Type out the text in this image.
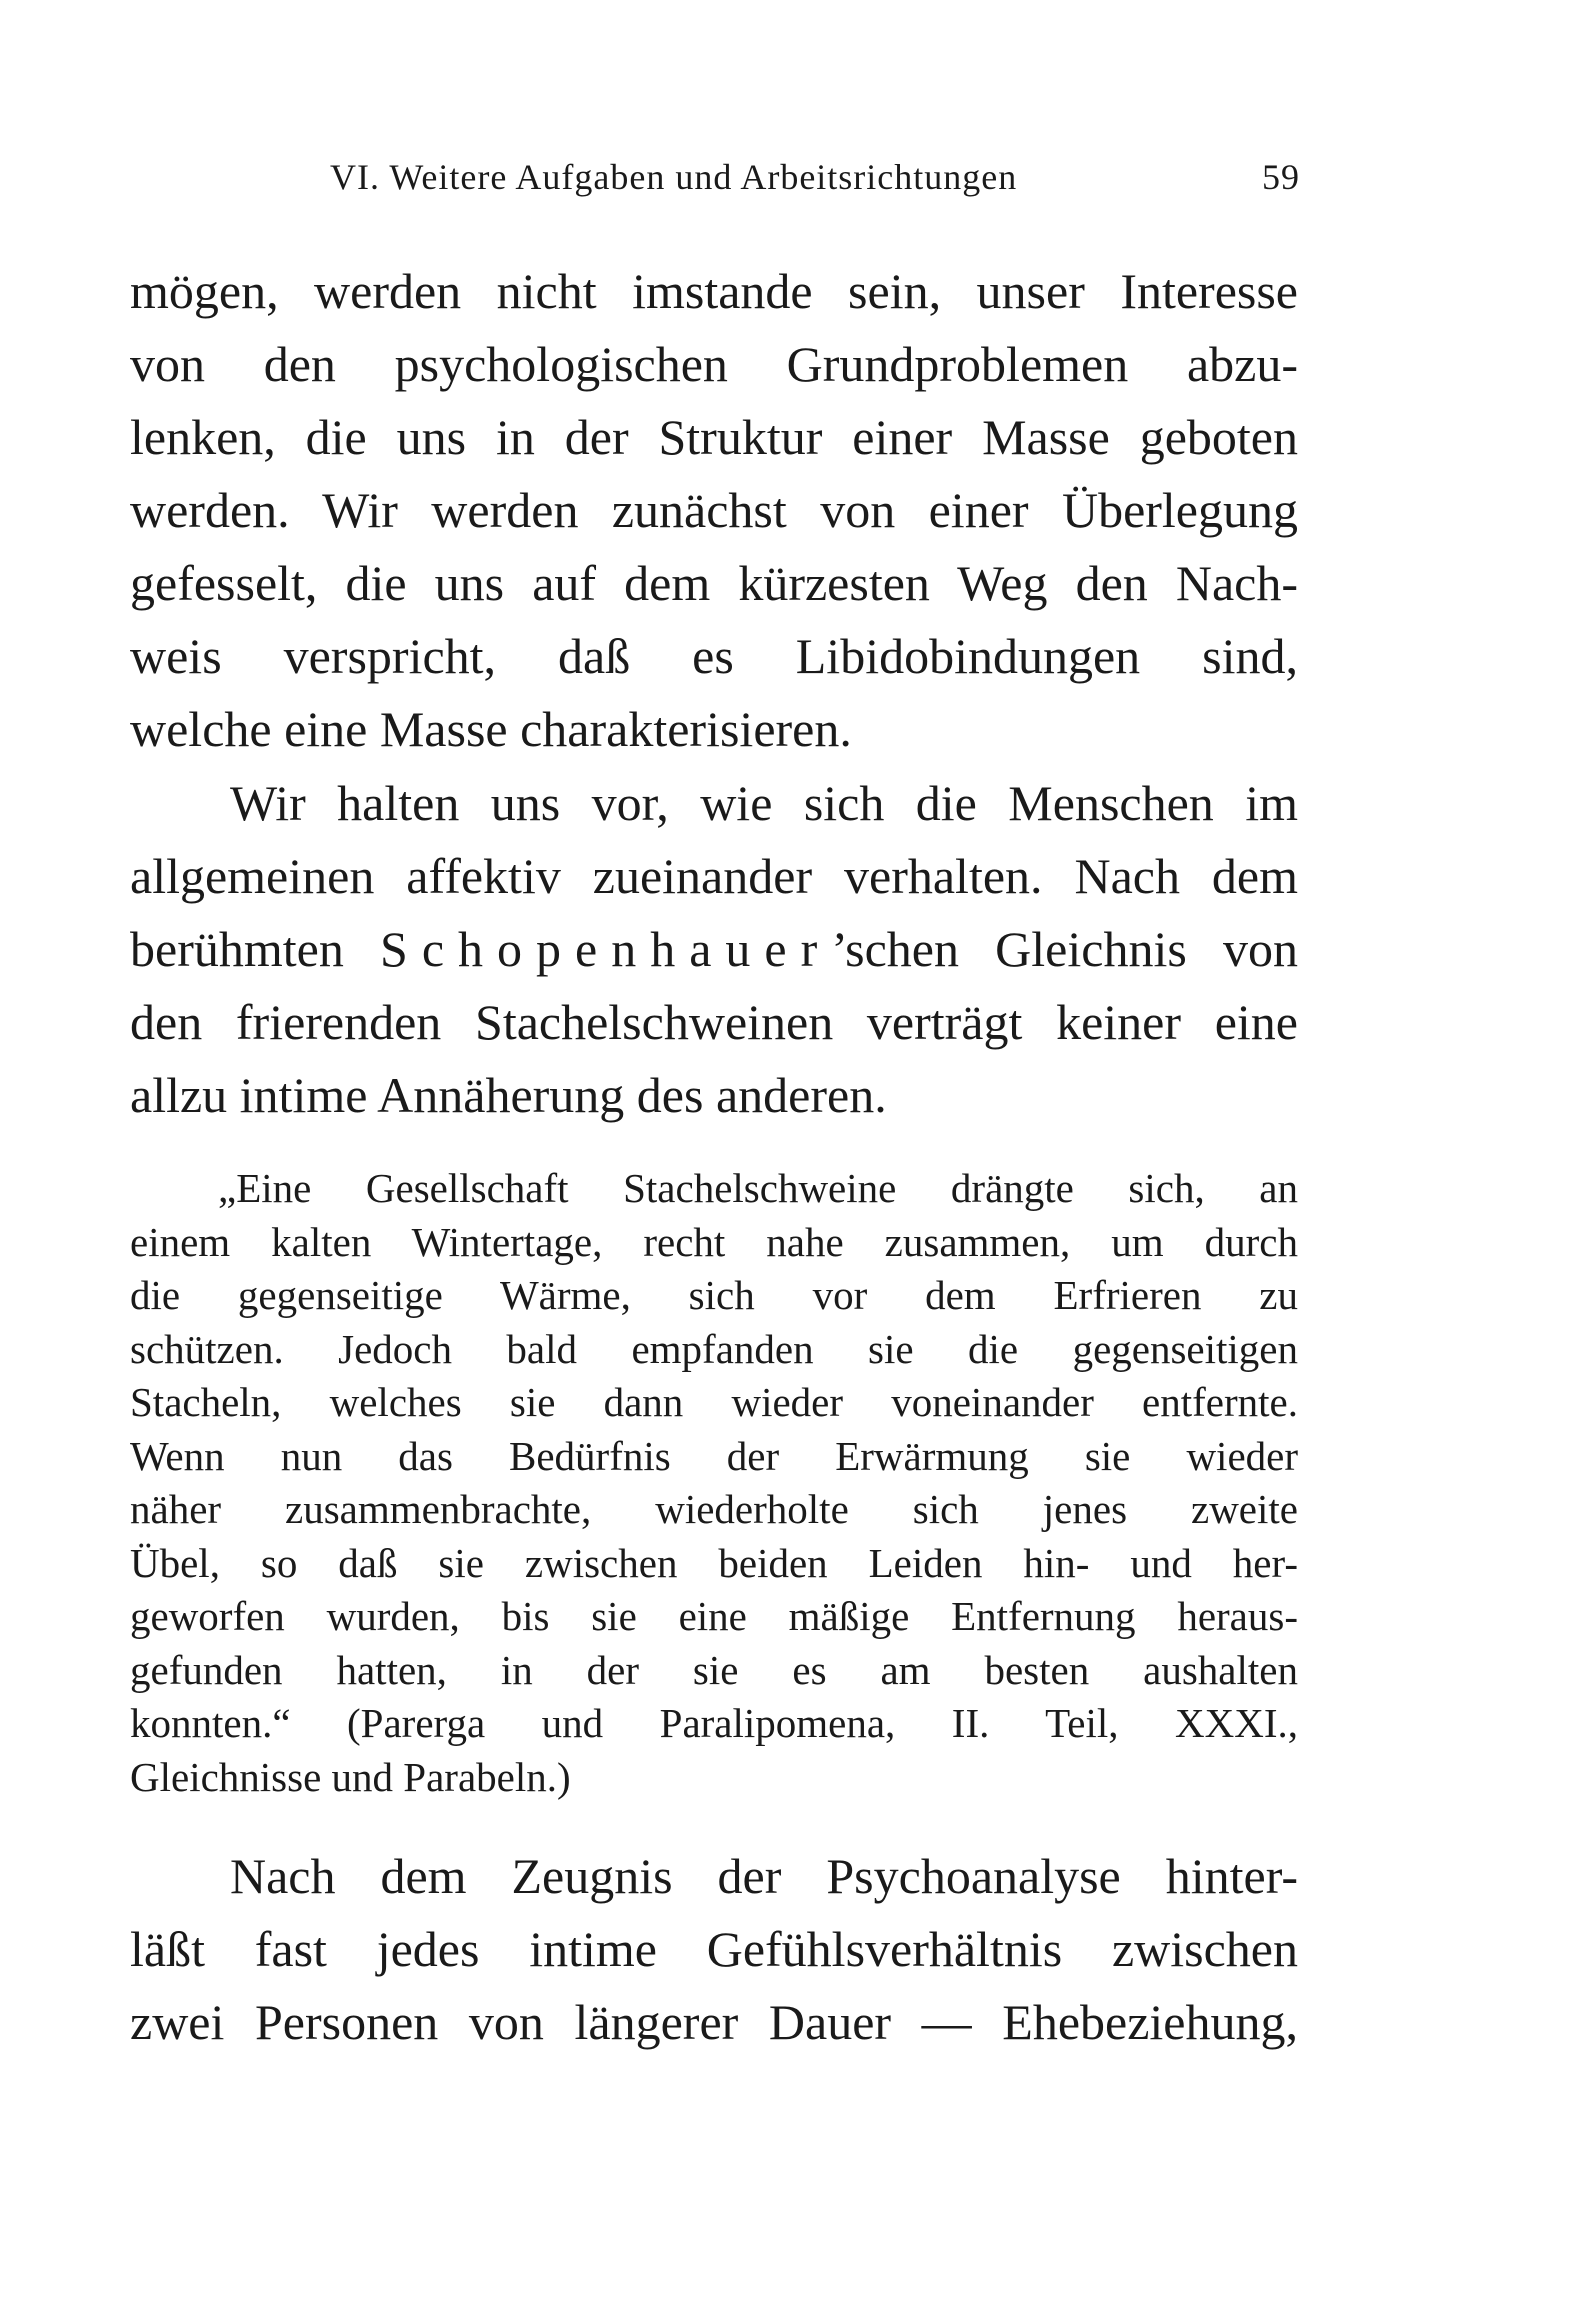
VI. Weitere Aufgaben und Arbeitsrichtungen	59
mögen, werden nicht imstande sein, unser Interesse
von den psychologischen Grundproblemen abzu-
lenken, die uns in der Struktur einer Masse geboten
werden. Wir werden zunächst von einer Überlegung
gefesselt, die uns auf dem kürzesten Weg den Nach-
weis verspricht, daß es Libidobindungen sind,
welche eine Masse charakterisieren.
Wir halten uns vor, wie sich die Menschen im
allgemeinen affektiv zueinander verhalten. Nach dem
berühmten Schopenhauer’schen Gleichnis von
den frierenden Stachelschweinen verträgt keiner eine
allzu intime Annäherung des anderen.
„Eine Gesellschaft Stachelschweine drängte sich, an
einem kalten Wintertage, recht nahe zusammen, um durch
die gegenseitige Wärme, sich vor dem Erfrieren zu
schützen. Jedoch bald empfanden sie die gegenseitigen
Stacheln, welches sie dann wieder voneinander entfernte.
Wenn nun das Bedürfnis der Erwärmung sie wieder
näher zusammenbrachte, wiederholte sich jenes zweite
Übel, so daß sie zwischen beiden Leiden hin- und her-
geworfen wurden, bis sie eine mäßige Entfernung heraus-
gefunden hatten, in der sie es am besten aushalten
konnten.“ (Parerga und Paralipomena, II. Teil, XXXI.,
Gleichnisse und Parabeln.)
Nach dem Zeugnis der Psychoanalyse hinter-
läßt fast jedes intime Gefühlsverhältnis zwischen
zwei Personen von längerer Dauer — Ehebeziehung,
